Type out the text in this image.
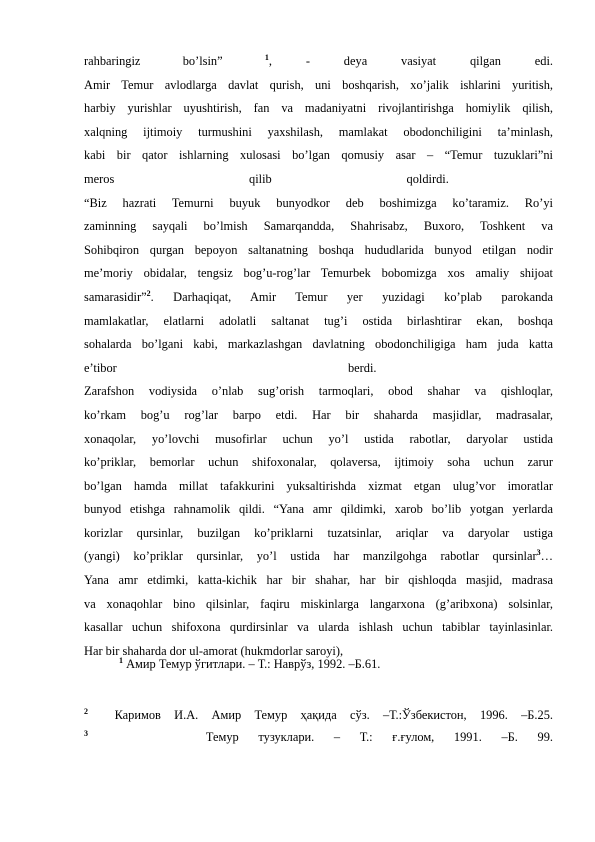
rahbaringiz     bo’lsin”     $^1$,    -    deya    vasiyat    qilgan    edi.
Amir Temur avlodlarga davlat qurish, uni boshqarish, xo’jalik ishlarini yuritish,
harbiy yurishlar uyushtirish, fan va madaniyatni rivojlantirishga homiylik qilish,
xalqning ijtimoiy turmushini yaxshilash, mamlakat obodonchiligini ta’minlash,
kabi bir qator ishlarning xulosasi bo’lgan qomusiy asar – “Temur tuzuklari”ni
meros    qilib    qoldirdi.
“Biz hazrati Temurni buyuk bunyodkor deb boshimizga ko’taramiz. Ro’yi
zaminning sayqali bo’lmish Samarqandda, Shahrisabz, Buxoro, Toshkent va
Sohibqiron qurgan bepoyon saltanatning boshqa hududlarida bunyod etilgan nodir
me’moriy obidalar, tengsiz bog’u-rog’lar Temurbek bobomizga xos amaliy shijoat
samarasidir”$^2$. Darhaqiqat, Amir Temur yer yuzidagi ko’plab parokanda
mamlakatlar, elatlarni adolatli saltanat tug’i ostida birlashtirar ekan, boshqa
sohalarda bo’lgani kabi, markazlashgan davlatning obodonchiligiga ham juda katta
e’tibor    berdi.
Zarafshon vodiysida o’nlab sug’orish tarmoqlari, obod shahar va qishloqlar,
ko’rkam bog’u rog’lar barpo etdi. Har bir shaharda masjidlar, madrasalar,
xonaqolar, yo’lovchi musofirlar uchun yo’l ustida rabotlar, daryolar ustida
ko’priklar, bemorlar uchun shifoxonalar, qolaversa, ijtimoiy soha uchun zarur
bo’lgan hamda millat tafakkurini yuksaltirishda xizmat etgan ulug’vor imoratlar
bunyod etishga rahnamolik qildi. “Yana amr qildimki, xarob bo’lib yotgan yerlarda
korizlar qursinlar, buzilgan ko’priklarni tuzatsinlar, ariqlar va daryolar ustiga
(yangi) ko’priklar qursinlar, yo’l ustida har manzilgohga rabotlar qursinlar$^3$…
Yana amr etdimki, katta-kichik har bir shahar, har bir qishloqda masjid, madrasa
va xonaqohlar bino qilsinlar, faqiru miskinlarga langarxona (g’aribxona) solsinlar,
kasallar uchun shifoxona qurdirsinlar va ularda ishlash uchun tabiblar tayinlasinlar.
Har bir shaharda dor ul-amorat (hukmdorlar saroyi),
$^1$ Амир Темур ўгитлари. – Т.: Наврўз, 1992. –Б.61.
$^2$ Каримов И.А. Амир Темур ҳақида сўз. –Т.:Ўзбекистон, 1996. –Б.25.
$^3$	Темур тузуклари. – Т.: ғ.ғулом, 1991. –Б. 99.
